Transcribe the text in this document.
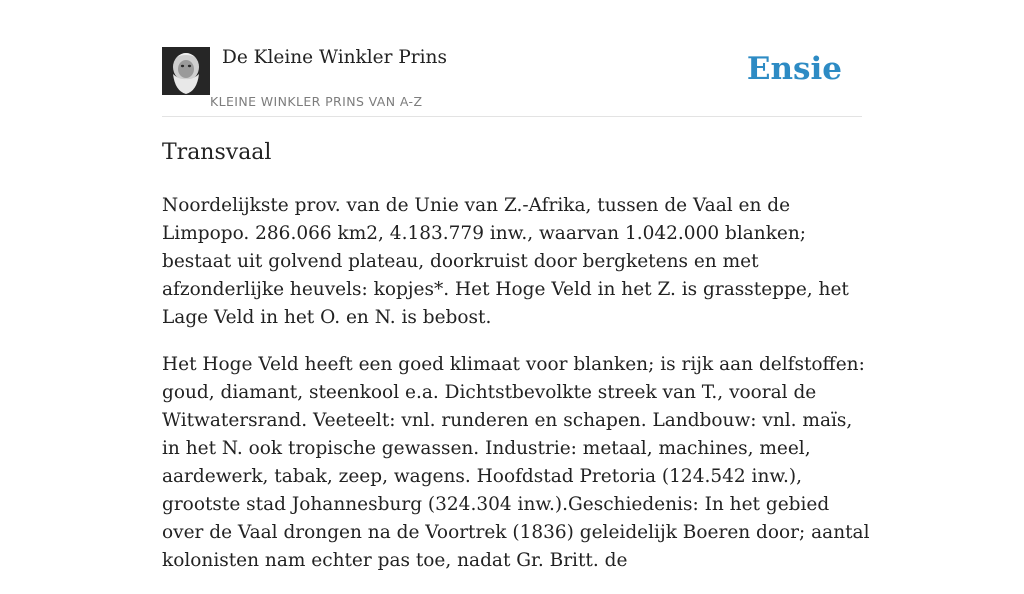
De Kleine Winkler Prins
KLEINE WINKLER PRINS VAN A-Z
Ensie
Transvaal

Noordelijkste prov. van de Unie van Z.-Afrika, tussen de Vaal en de Limpopo. 286.066 km2, 4.183.779 inw., waarvan 1.042.000 blanken; bestaat uit golvend plateau, doorkruist door bergketens en met afzonderlijke heuvels: kopjes*. Het Hoge Veld in het Z. is grassteppe, het Lage Veld in het O. en N. is bebost.

Het Hoge Veld heeft een goed klimaat voor blanken; is rijk aan delfstoffen: goud, diamant, steenkool e.a. Dichtstbevolkte streek van T., vooral de Witwatersrand. Veeteelt: vnl. runderen en schapen. Landbouw: vnl. maïs, in het N. ook tropische gewassen. Industrie: metaal, machines, meel, aardewerk, tabak, zeep, wagens. Hoofdstad Pretoria (124.542 inw.), grootste stad Johannesburg (324.304 inw.).Geschiedenis: In het gebied over de Vaal drongen na de Voortrek (1836) geleidelijk Boeren door; aantal kolonisten nam echter pas toe, nadat Gr. Britt. de
